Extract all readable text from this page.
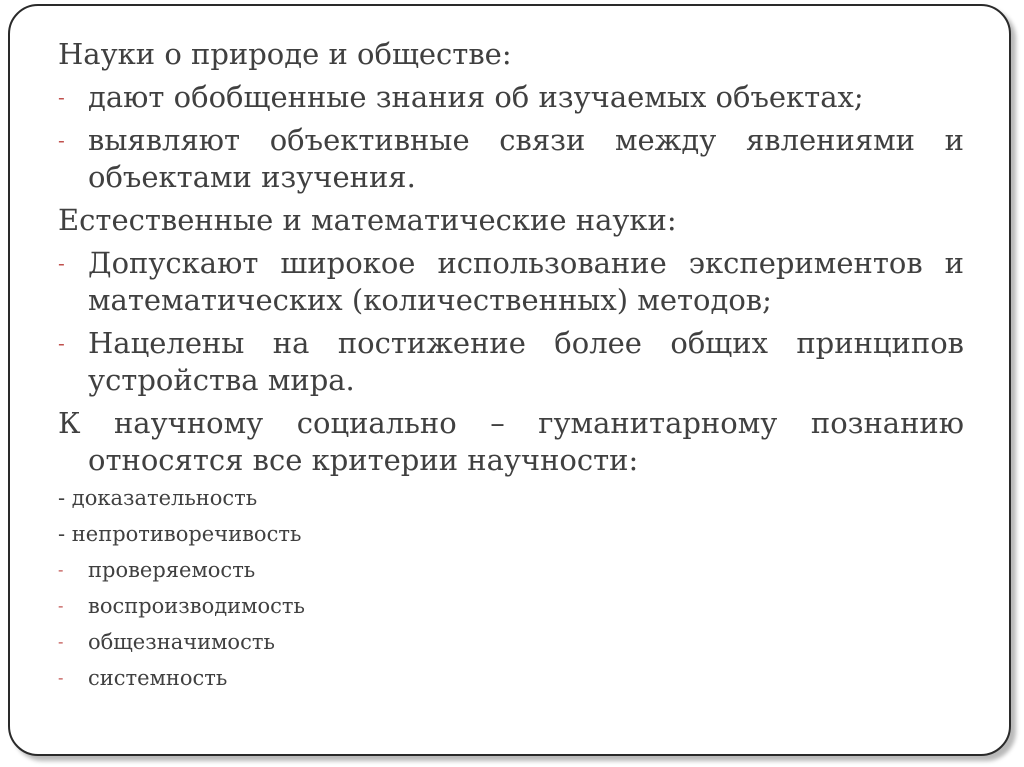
Науки о природе и обществе:
- дают обобщенные знания об изучаемых объектах;
- выявляют объективные связи между явлениями и объектами изучения.
Естественные и математические науки:
- Допускают широкое использование экспериментов и математических (количественных) методов;
- Нацелены на постижение более общих принципов устройства мира.
К научному социально – гуманитарному познанию относятся все критерии научности:
- доказательность
- непротиворечивость
-	проверяемость
-	воспроизводимость
-	общезначимость
-	системность
